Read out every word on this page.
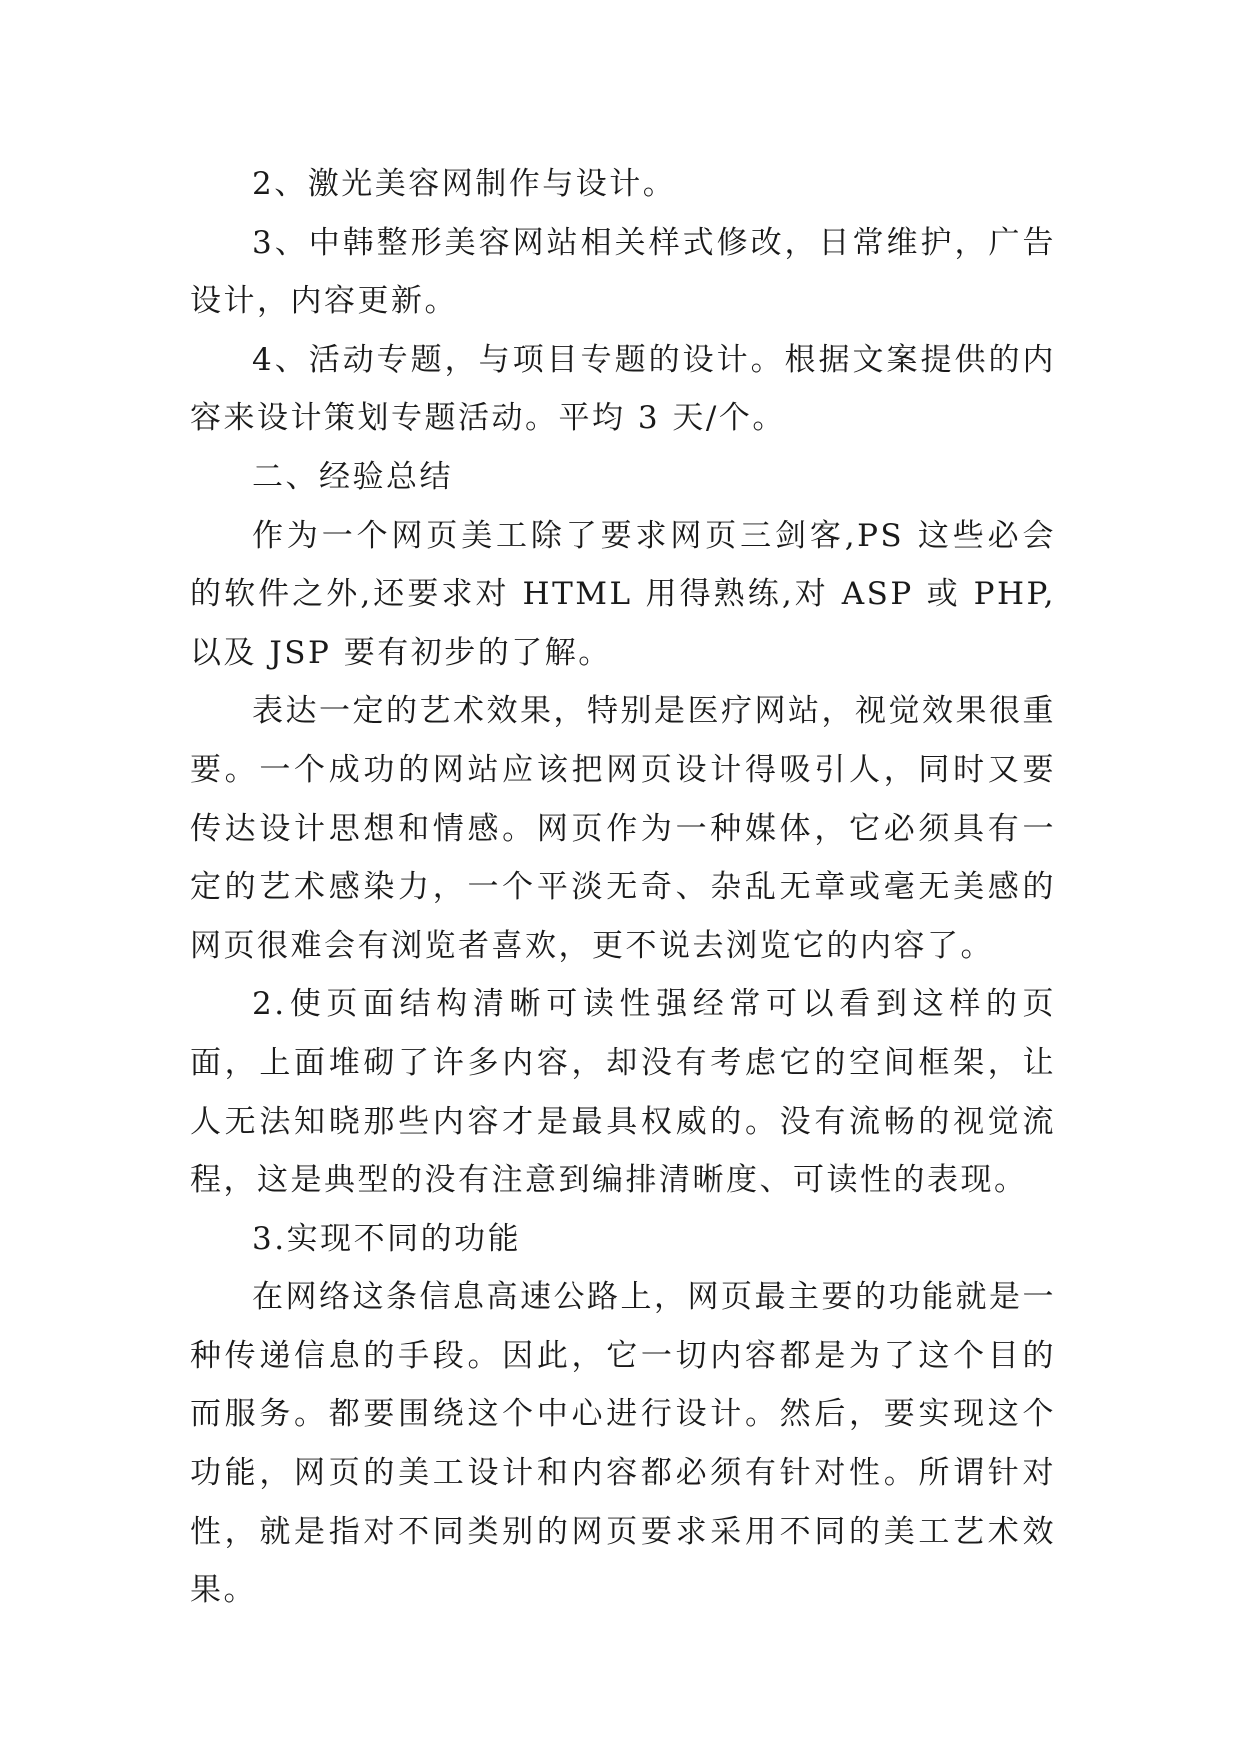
2、激光美容网制作与设计。

3、中韩整形美容网站相关样式修改，日常维护，广告设计，内容更新。

4、活动专题，与项目专题的设计。根据文案提供的内容来设计策划专题活动。平均 3 天/个。

二、经验总结

作为一个网页美工除了要求网页三剑客,PS 这些必会的软件之外,还要求对 HTML 用得熟练,对 ASP 或 PHP,以及 JSP 要有初步的了解。

表达一定的艺术效果，特别是医疗网站，视觉效果很重要。一个成功的网站应该把网页设计得吸引人，同时又要传达设计思想和情感。网页作为一种媒体，它必须具有一定的艺术感染力，一个平淡无奇、杂乱无章或毫无美感的网页很难会有浏览者喜欢，更不说去浏览它的内容了。

2.使页面结构清晰可读性强经常可以看到这样的页面，上面堆砌了许多内容，却没有考虑它的空间框架，让人无法知晓那些内容才是最具权威的。没有流畅的视觉流程，这是典型的没有注意到编排清晰度、可读性的表现。

3.实现不同的功能

在网络这条信息高速公路上，网页最主要的功能就是一种传递信息的手段。因此，它一切内容都是为了这个目的而服务。都要围绕这个中心进行设计。然后，要实现这个功能，网页的美工设计和内容都必须有针对性。所谓针对性，就是指对不同类别的网页要求采用不同的美工艺术效果。
